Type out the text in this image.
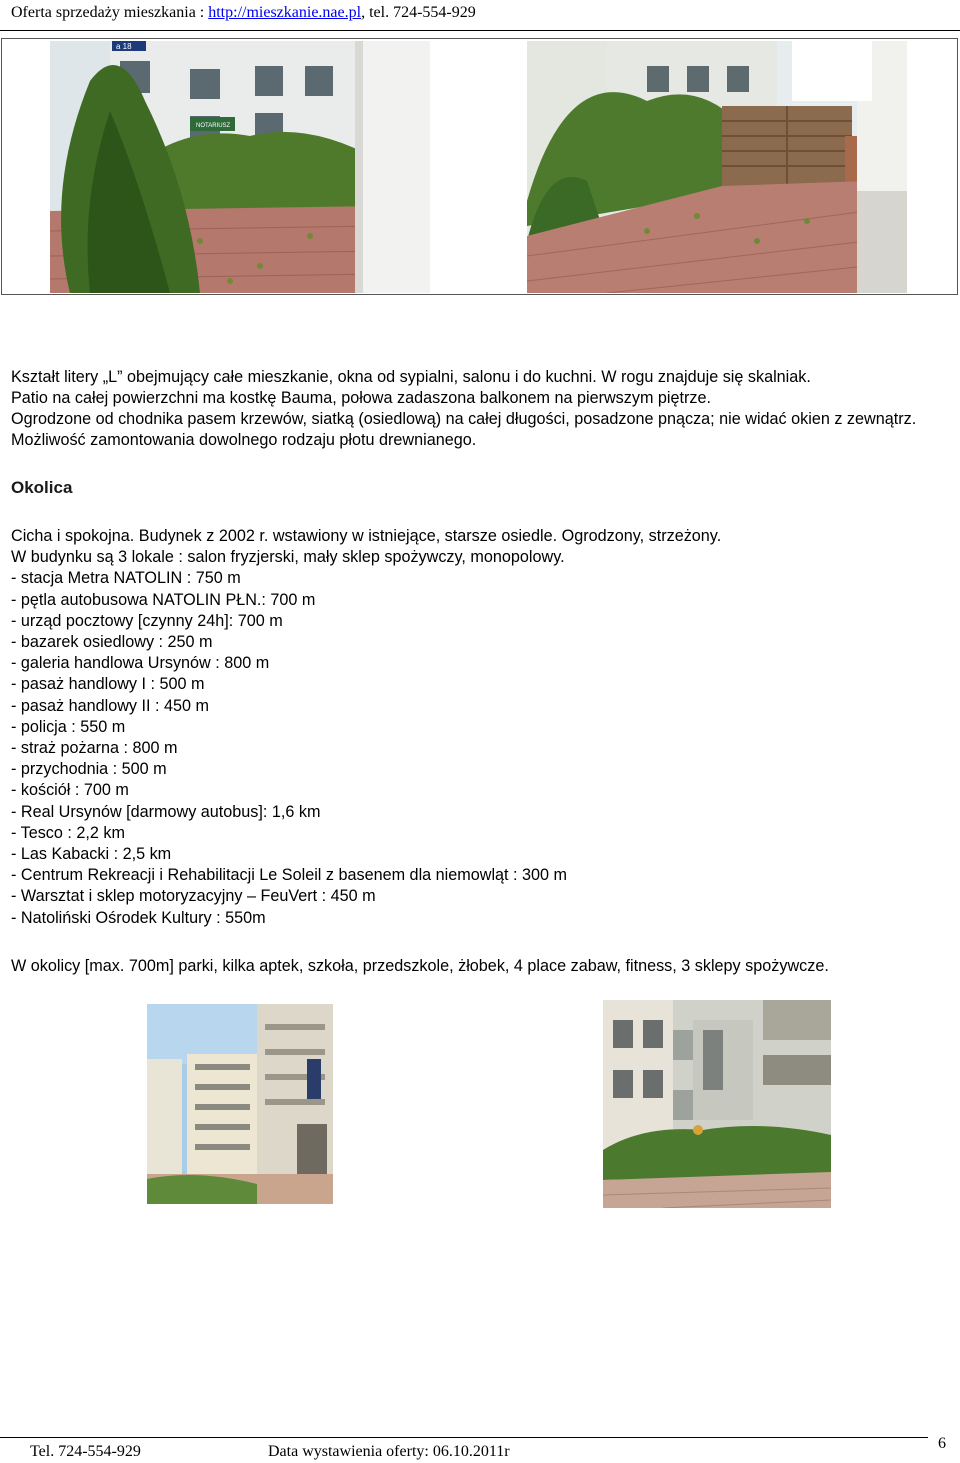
Oferta sprzedaży mieszkania : http://mieszkanie.nae.pl, tel. 724-554-929
a 18
NOTARIUSZ

Kształt litery „L” obejmujący całe mieszkanie, okna od sypialni, salonu i do kuchni. W rogu znajduje się skalniak.

Patio na całej powierzchni ma kostkę Bauma, połowa zadaszona balkonem na pierwszym piętrze.

Ogrodzone od chodnika pasem krzewów, siatką (osiedlową) na całej długości, posadzone pnącza; nie widać okien z zewnątrz. Możliwość zamontowania dowolnego rodzaju płotu drewnianego.

Okolica
Cicha i spokojna. Budynek z 2002 r. wstawiony w istniejące, starsze osiedle. Ogrodzony, strzeżony.
W budynku są 3 lokale : salon fryzjerski, mały sklep spożywczy, monopolowy.
- stacja Metra NATOLIN : 750 m
- pętla autobusowa NATOLIN PŁN.: 700 m
- urząd pocztowy [czynny 24h]: 700 m
- bazarek osiedlowy : 250 m
- galeria handlowa Ursynów : 800 m
- pasaż handlowy I : 500 m
- pasaż handlowy II : 450 m
- policja : 550 m
- straż pożarna : 800 m
- przychodnia : 500 m
- kościół : 700 m
- Real Ursynów [darmowy autobus]: 1,6 km
- Tesco : 2,2 km
- Las Kabacki : 2,5 km
- Centrum Rekreacji i Rehabilitacji Le Soleil z basenem dla niemowląt : 300 m
- Warsztat i sklep motoryzacyjny – FeuVert : 450 m
- Natoliński Ośrodek Kultury : 550m

W okolicy [max. 700m] parki, kilka aptek, szkoła, przedszkole, żłobek, 4 place zabaw, fitness, 3 sklepy spożywcze.

6
Tel. 724-554-929	Data wystawienia oferty: 06.10.2011r
